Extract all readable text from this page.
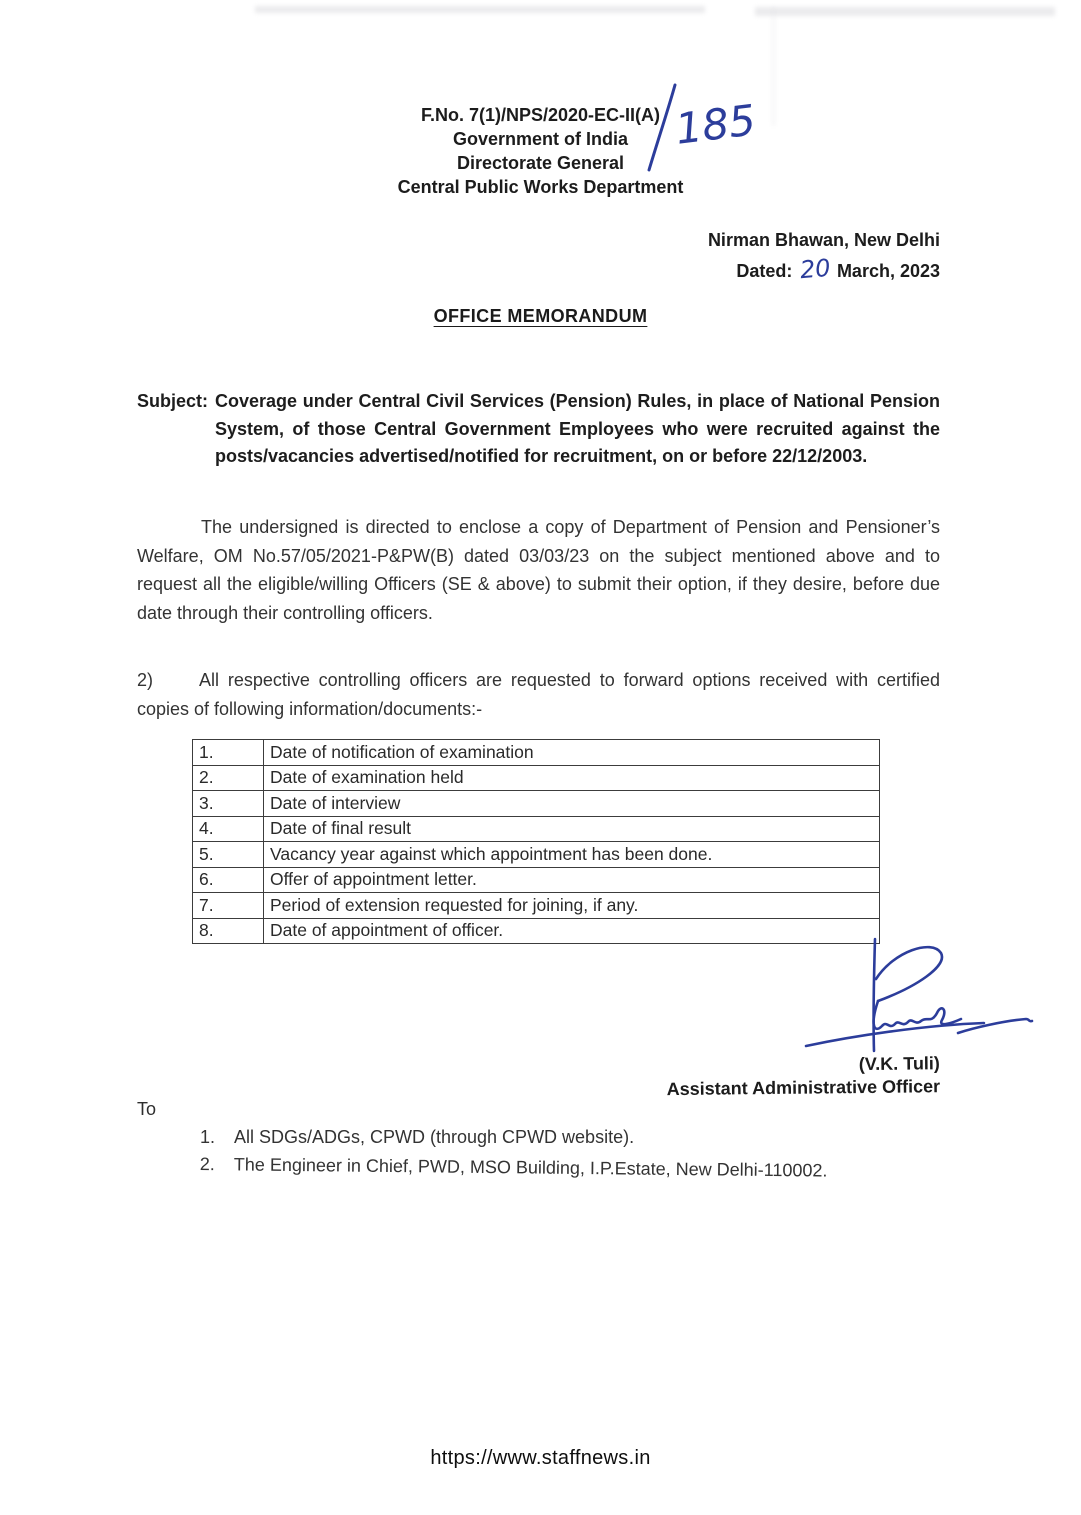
F.No. 7(1)/NPS/2020-EC-II(A)
Government of India
Directorate General
Central Public Works Department
185
Nirman Bhawan, New Delhi
Dated: 20 March, 2023
OFFICE MEMORANDUM
Subject: Coverage under Central Civil Services (Pension) Rules, in place of National Pension System, of those Central Government Employees who were recruited against the posts/vacancies advertised/notified for recruitment, on or before 22/12/2003.
The undersigned is directed to enclose a copy of Department of Pension and Pensioner’s Welfare, OM No.57/05/2021-P&PW(B) dated 03/03/23 on the subject mentioned above and to request all the eligible/willing Officers (SE & above) to submit their option, if they desire, before due date through their controlling officers.
2)	All respective controlling officers are requested to forward options received with certified copies of following information/documents:-
1.	Date of notification of examination
2.	Date of examination held
3.	Date of interview
4.	Date of final result
5.	Vacancy year against which appointment has been done.
6.	Offer of appointment letter.
7.	Period of extension requested for joining, if any.
8.	Date of appointment of officer.
(V.K. Tuli)
Assistant Administrative Officer
To
1. All SDGs/ADGs, CPWD (through CPWD website).
2. The Engineer in Chief, PWD, MSO Building, I.P.Estate, New Delhi-110002.
https://www.staffnews.in
